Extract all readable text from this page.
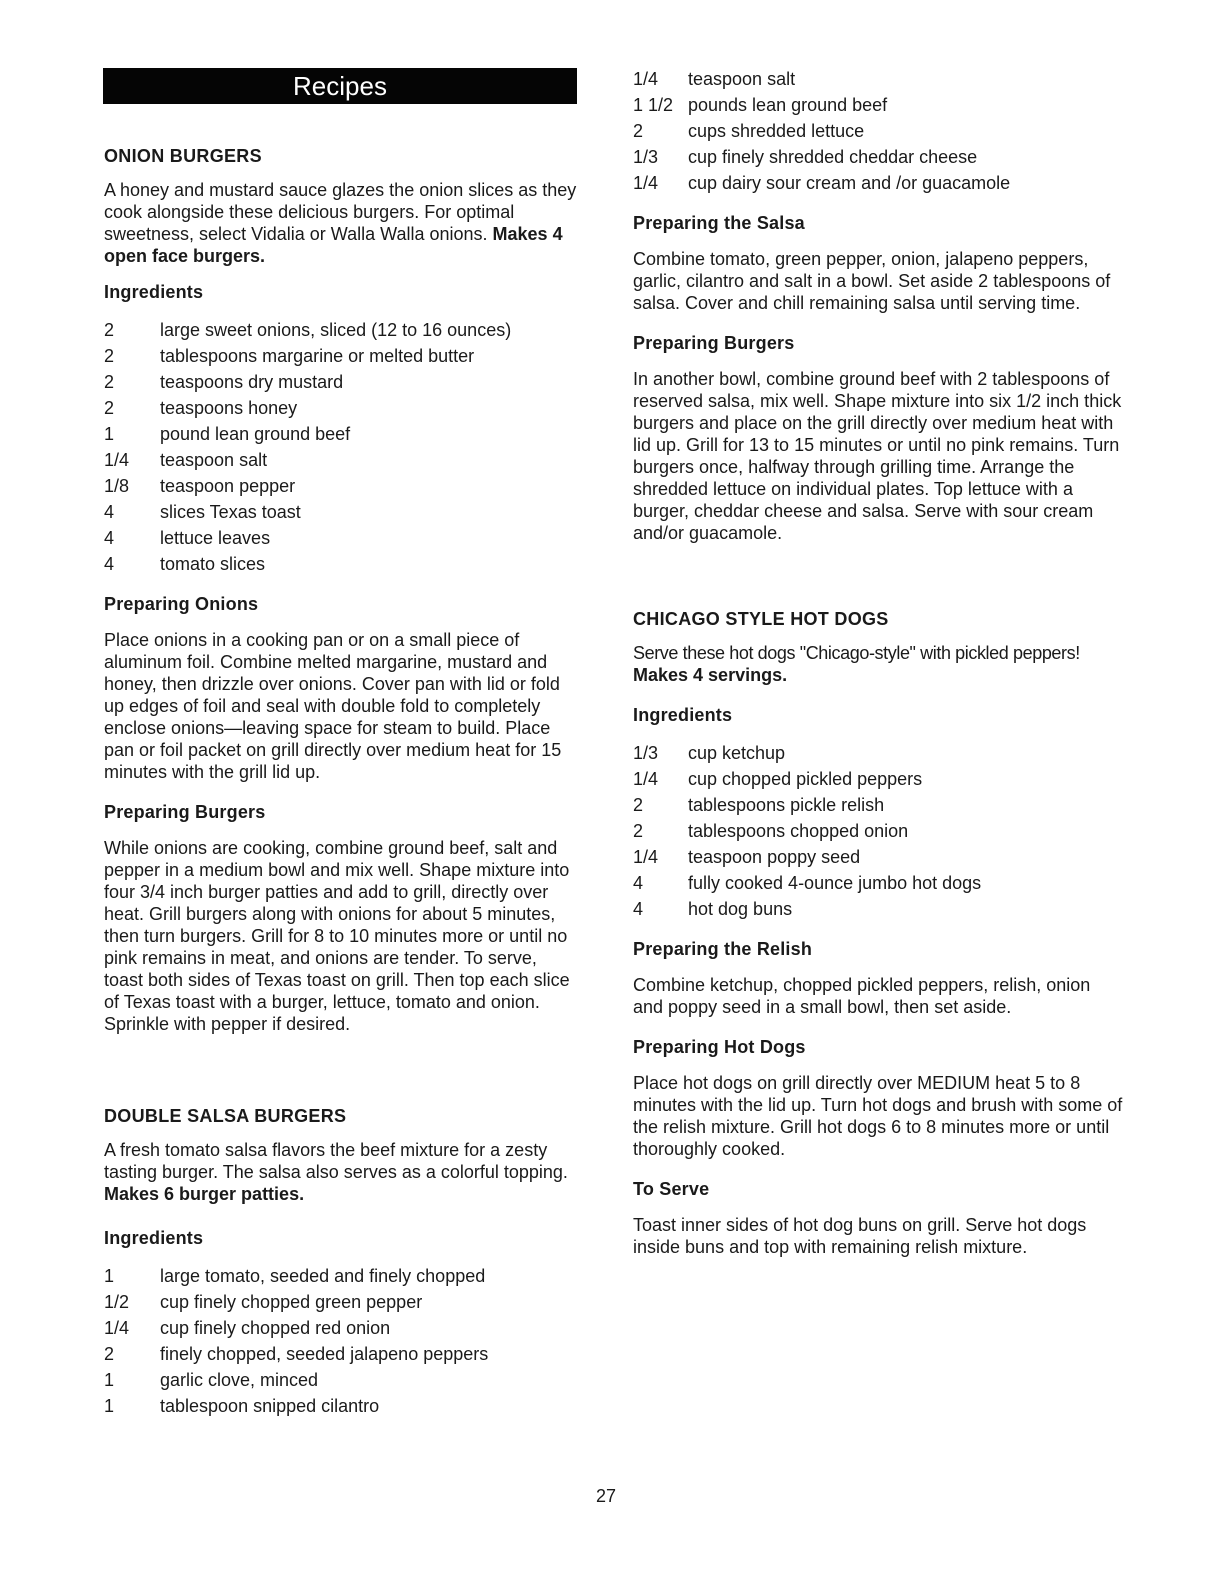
Recipes
ONION BURGERS
A honey and mustard sauce glazes the onion slices as they cook alongside these delicious burgers. For optimal sweetness, select Vidalia or Walla Walla onions. Makes 4 open face burgers.
Ingredients
2	large sweet onions, sliced (12 to 16 ounces)
2	tablespoons margarine or melted butter
2	teaspoons dry mustard
2	teaspoons honey
1	pound lean ground beef
1/4	teaspoon salt
1/8	teaspoon pepper
4	slices Texas toast
4	lettuce leaves
4	tomato slices
Preparing Onions
Place onions in a cooking pan or on a small piece of aluminum foil. Combine melted margarine, mustard and honey, then drizzle over onions. Cover pan with lid or fold up edges of foil and seal with double fold to completely enclose onions—leaving space for steam to build. Place pan or foil packet on grill directly over medium heat for 15 minutes with the grill lid up.
Preparing Burgers
While onions are cooking, combine ground beef, salt and pepper in a medium bowl and mix well. Shape mixture into four 3/4 inch burger patties and add to grill, directly over heat. Grill burgers along with onions for about 5 minutes, then turn burgers. Grill for 8 to 10 minutes more or until no pink remains in meat, and onions are tender. To serve, toast both sides of Texas toast on grill. Then top each slice of Texas toast with a burger, lettuce, tomato and onion. Sprinkle with pepper if desired.
DOUBLE SALSA BURGERS
A fresh tomato salsa flavors the beef mixture for a zesty tasting burger. The salsa also serves as a colorful topping. Makes 6 burger patties.
Ingredients
1	large tomato, seeded and finely chopped
1/2	cup finely chopped green pepper
1/4	cup finely chopped red onion
2	finely chopped, seeded jalapeno peppers
1	garlic clove, minced
1	tablespoon snipped cilantro
1/4	teaspoon salt
1 1/2 pounds lean ground beef
2	cups shredded lettuce
1/3	cup finely shredded cheddar cheese
1/4	cup dairy sour cream and /or guacamole
Preparing the Salsa
Combine tomato, green pepper, onion, jalapeno peppers, garlic, cilantro and salt in a bowl. Set aside 2 tablespoons of salsa. Cover and chill remaining salsa until serving time.
Preparing Burgers
In another bowl, combine ground beef with 2 tablespoons of reserved salsa, mix well. Shape mixture into six 1/2 inch thick burgers and place on the grill directly over medium heat with lid up. Grill for 13 to 15 minutes or until no pink remains. Turn burgers once, halfway through grilling time. Arrange the shredded lettuce on individual plates. Top lettuce with a burger, cheddar cheese and salsa. Serve with sour cream and/or guacamole.
CHICAGO STYLE HOT DOGS
Serve these hot dogs "Chicago-style" with pickled peppers!
Makes 4 servings.
Ingredients
1/3	cup ketchup
1/4	cup chopped pickled peppers
2	tablespoons pickle relish
2	tablespoons chopped onion
1/4	teaspoon poppy seed
4	fully cooked 4-ounce jumbo hot dogs
4	hot dog buns
Preparing the Relish
Combine ketchup, chopped pickled peppers, relish, onion and poppy seed in a small bowl, then set aside.
Preparing Hot Dogs
Place hot dogs on grill directly over MEDIUM heat 5 to 8 minutes with the lid up. Turn hot dogs and brush with some of the relish mixture. Grill hot dogs 6 to 8 minutes more or until thoroughly cooked.
To Serve
Toast inner sides of hot dog buns on grill. Serve hot dogs inside buns and top with remaining relish mixture.
27
